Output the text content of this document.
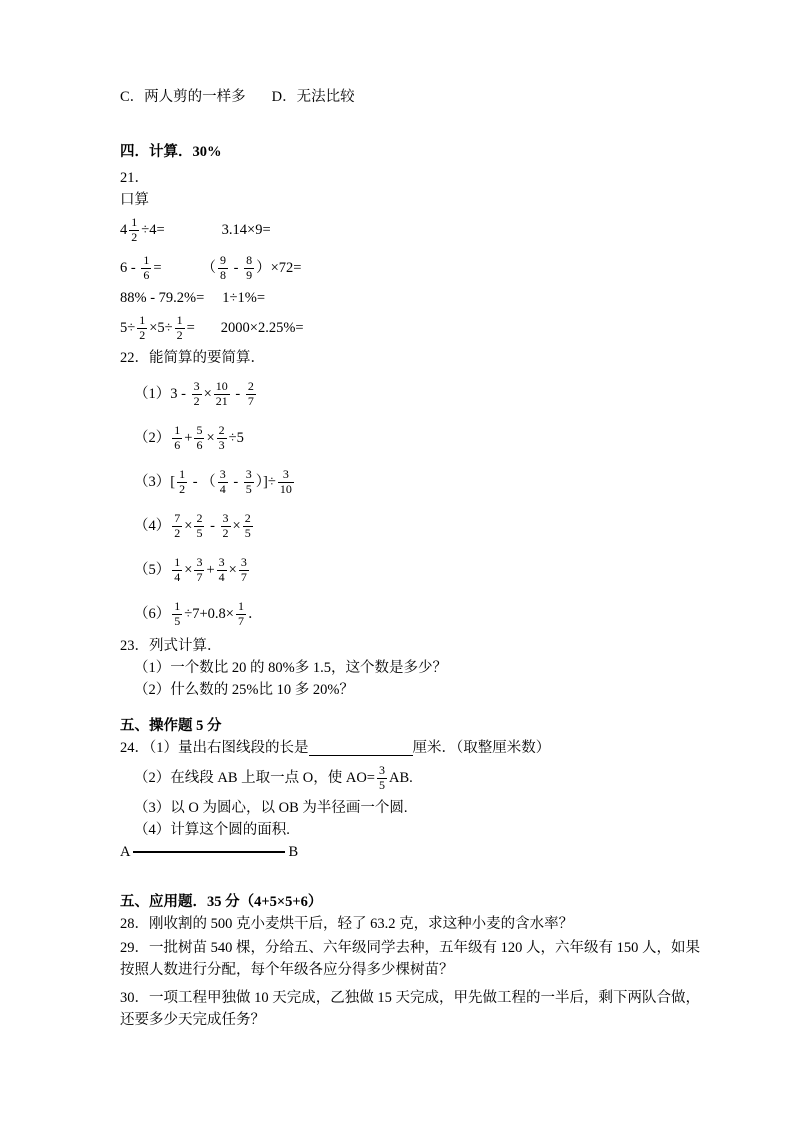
C．两人剪的一样多 D．无法比较
四．计算．30%
21．
口算
$4 \frac{1}{2} \div 4=$	3.14×9=
$6 - \frac{1}{6}$ =	（ $\frac{9}{8} - \frac{8}{9} )\times 72=$
88% - 79.2%= 1÷1%=
$5\div \frac{1}{2} \times 5\div \frac{1}{2} = 2000\times 2.25\%=$
22．能简算的要简算．
$(1)3 - \frac{3}{2} \times \frac{10}{21} - \frac{2}{7}$
$(2) \frac{1}{6} + \frac{5}{6} \times \frac{2}{3} \div 5$
$(3)[ \frac{1}{2}$ - （ $\frac{3}{4} - \frac{3}{5}$ ）]÷ $\frac{3}{10}$
$(4) \frac{7}{2} \times \frac{2}{5} - \frac{3}{2} \times \frac{2}{5}$
$(5) \frac{1}{4} \times \frac{3}{7} + \frac{3}{4} \times \frac{3}{7}$
$(6) \frac{1}{5} \div 7+0.8\times \frac{1}{7}$ ．
23．列式计算．
（1）一个数比 20 的 80%多 1.5，这个数是多少？
（2）什么数的 25%比 10 多 20%？
五、操作题 5 分
24．（1）量出右图线段的长是	厘米．（取整厘米数）
（2）在线段 AB 上取一点 O，使 $AO= \frac{3}{5}$ AB.
（3）以 O 为圆心，以 OB 为半径画一个圆.
（4）计算这个圆的面积.
A	B
五、应用题．35 分（4+5×5+6）
28．刚收割的 500 克小麦烘干后，轻了 63.2 克，求这种小麦的含水率？
29．一批树苗 540 棵，分给五、六年级同学去种，五年级有 120 人，六年级有 150 人，如果
按照人数进行分配，每个年级各应分得多少棵树苗？
30．一项工程甲独做 10 天完成，乙独做 15 天完成，甲先做工程的一半后，剩下两队合做，
还要多少天完成任务？
